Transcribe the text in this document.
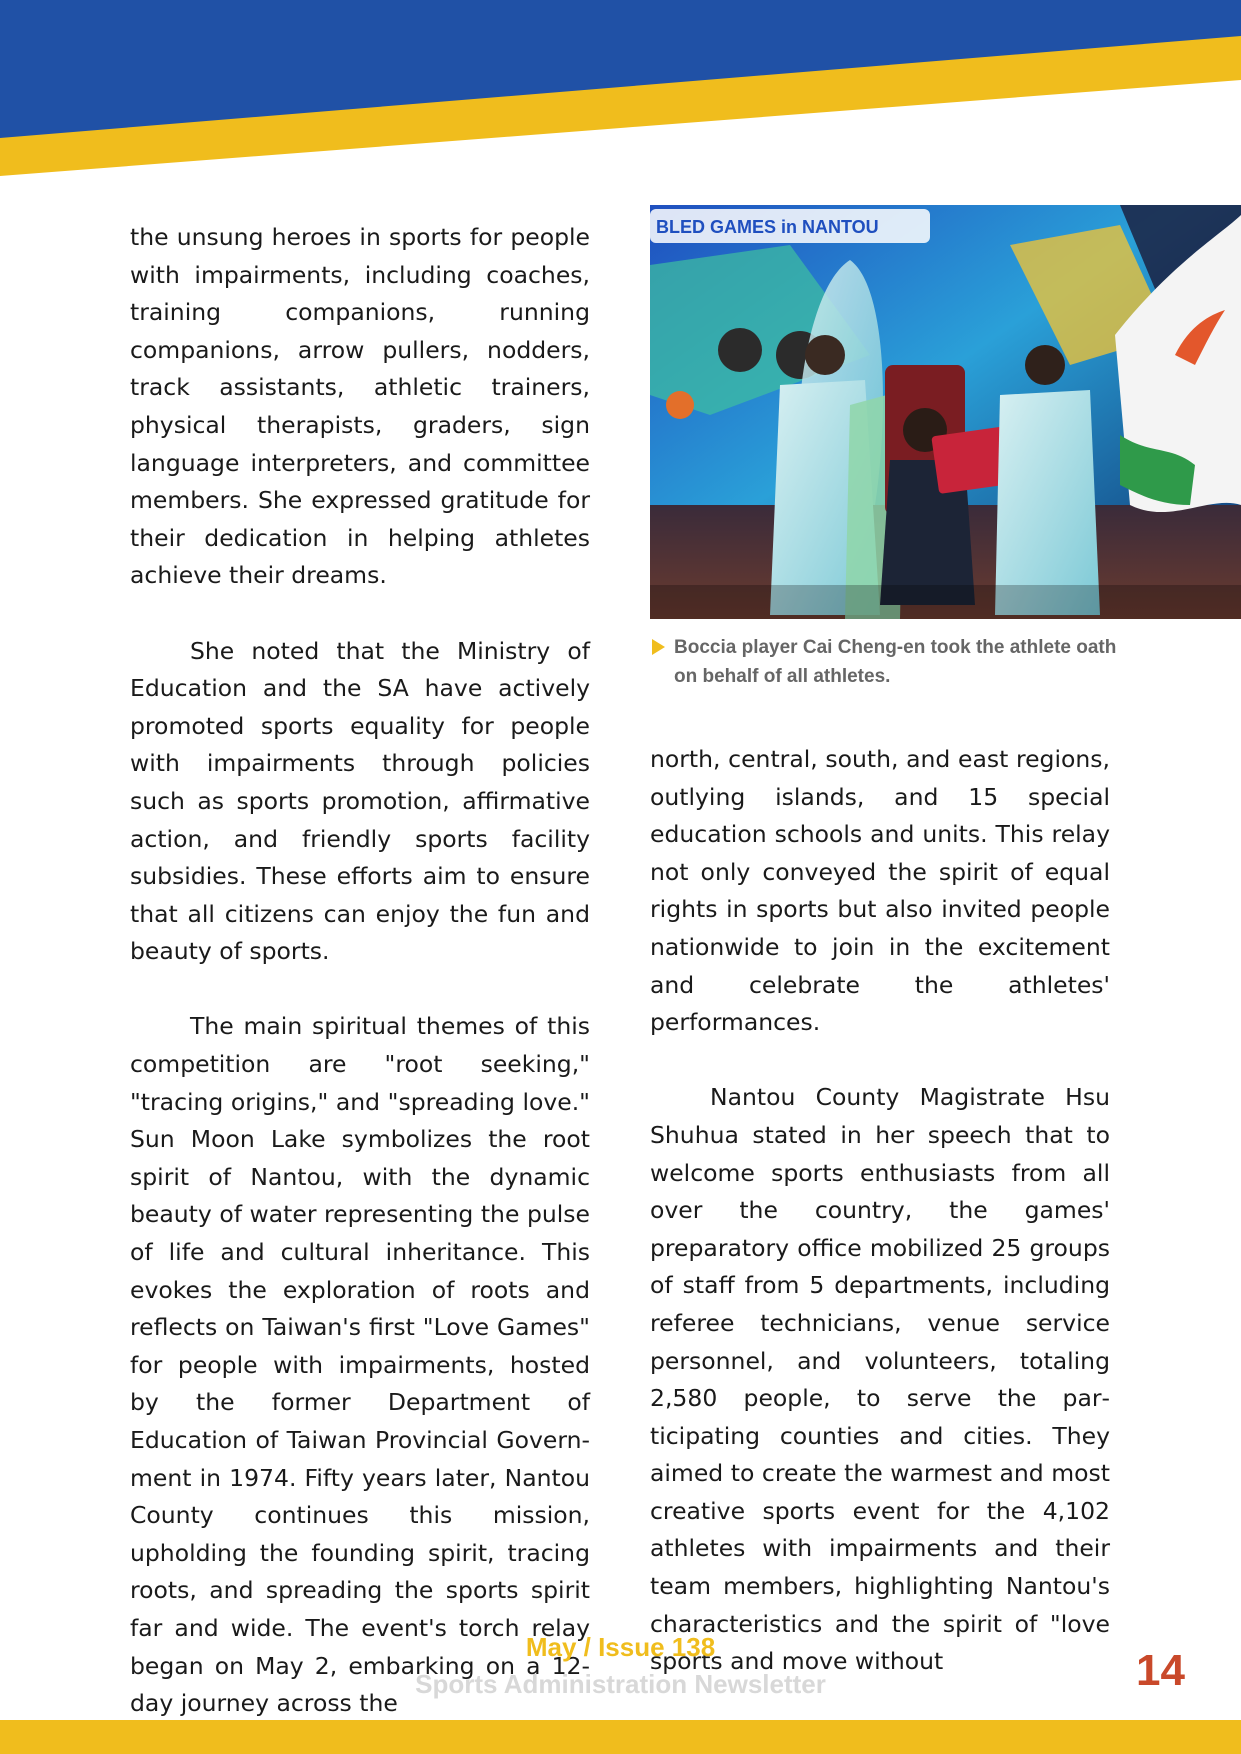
the unsung heroes in sports for people with impairments, including coaches, training companions, running companions, arrow pullers, nodders, track assistants, athletic trainers, physical therapists, graders, sign language interpreters, and committee members. She expressed gratitude for their dedication in helping athletes achieve their dreams.

She noted that the Ministry of Education and the SA have actively promoted sports equality for people with impairments through policies such as sports promotion, affirmative action, and friendly sports facility subsidies. These efforts aim to ensure that all citizens can enjoy the fun and beauty of sports.

The main spiritual themes of this competition are "root seeking," "tracing origins," and "spreading love." Sun Moon Lake symbolizes the root spirit of Nantou, with the dynamic beauty of water representing the pulse of life and cultural inheritance. This evokes the exploration of roots and reflects on Taiwan's first "Love Games" for people with impairments, hosted by the former Department of Education of Taiwan Provincial Government in 1974. Fifty years later, Nantou County continues this mission, upholding the founding spirit, tracing roots, and spreading the sports spirit far and wide. The event's torch relay began on May 2, embarking on a 12-day journey across the

BLED GAMES in NANTOU
Boccia player Cai Cheng-en took the athlete oath on behalf of all athletes.

north, central, south, and east regions, outlying islands, and 15 special education schools and units. This relay not only conveyed the spirit of equal rights in sports but also invited people nationwide to join in the excitement and celebrate the athletes' performances.

Nantou County Magistrate Hsu Shuhua stated in her speech that to welcome sports enthusiasts from all over the country, the games' preparatory office mobilized 25 groups of staff from 5 departments, including referee technicians, venue service personnel, and volunteers, totaling 2,580 people, to serve the participating counties and cities. They aimed to create the warmest and most creative sports event for the 4,102 athletes with impairments and their team members, highlighting Nantou's characteristics and the spirit of "love sports and move without

May / Issue 138
Sports Administration Newsletter	14
